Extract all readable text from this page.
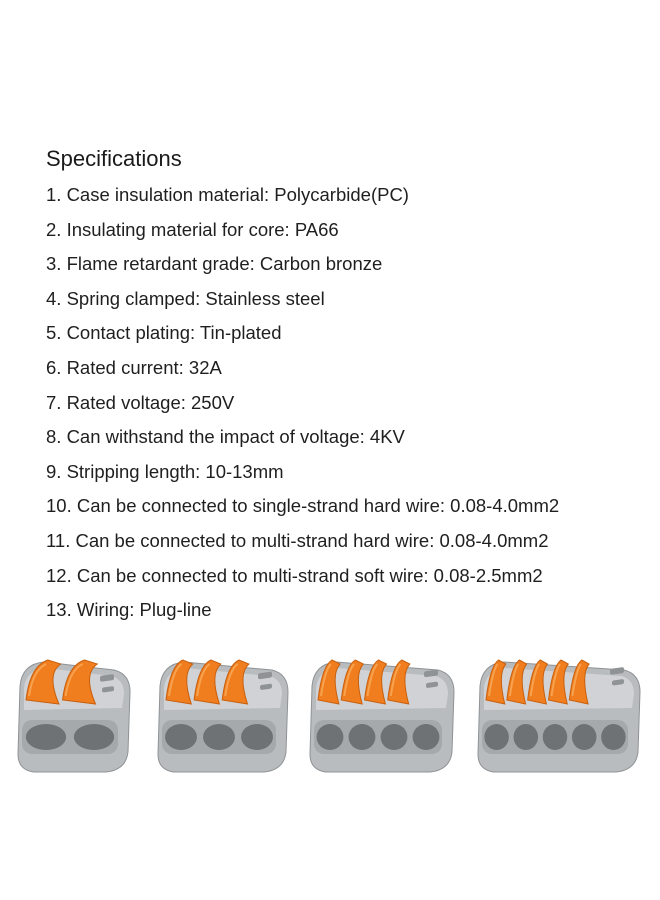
Specifications
1. Case insulation material: Polycarbide(PC)
2. Insulating material for core: PA66
3. Flame retardant grade: Carbon bronze
4. Spring clamped: Stainless steel
5. Contact plating: Tin-plated
6. Rated current: 32A
7. Rated voltage: 250V
8. Can withstand the impact of voltage: 4KV
9. Stripping length: 10-13mm
10. Can be connected to single-strand hard wire: 0.08-4.0mm2
11. Can be connected to multi-strand hard wire: 0.08-4.0mm2
12. Can be connected to multi-strand soft wire: 0.08-2.5mm2
13. Wiring: Plug-line
